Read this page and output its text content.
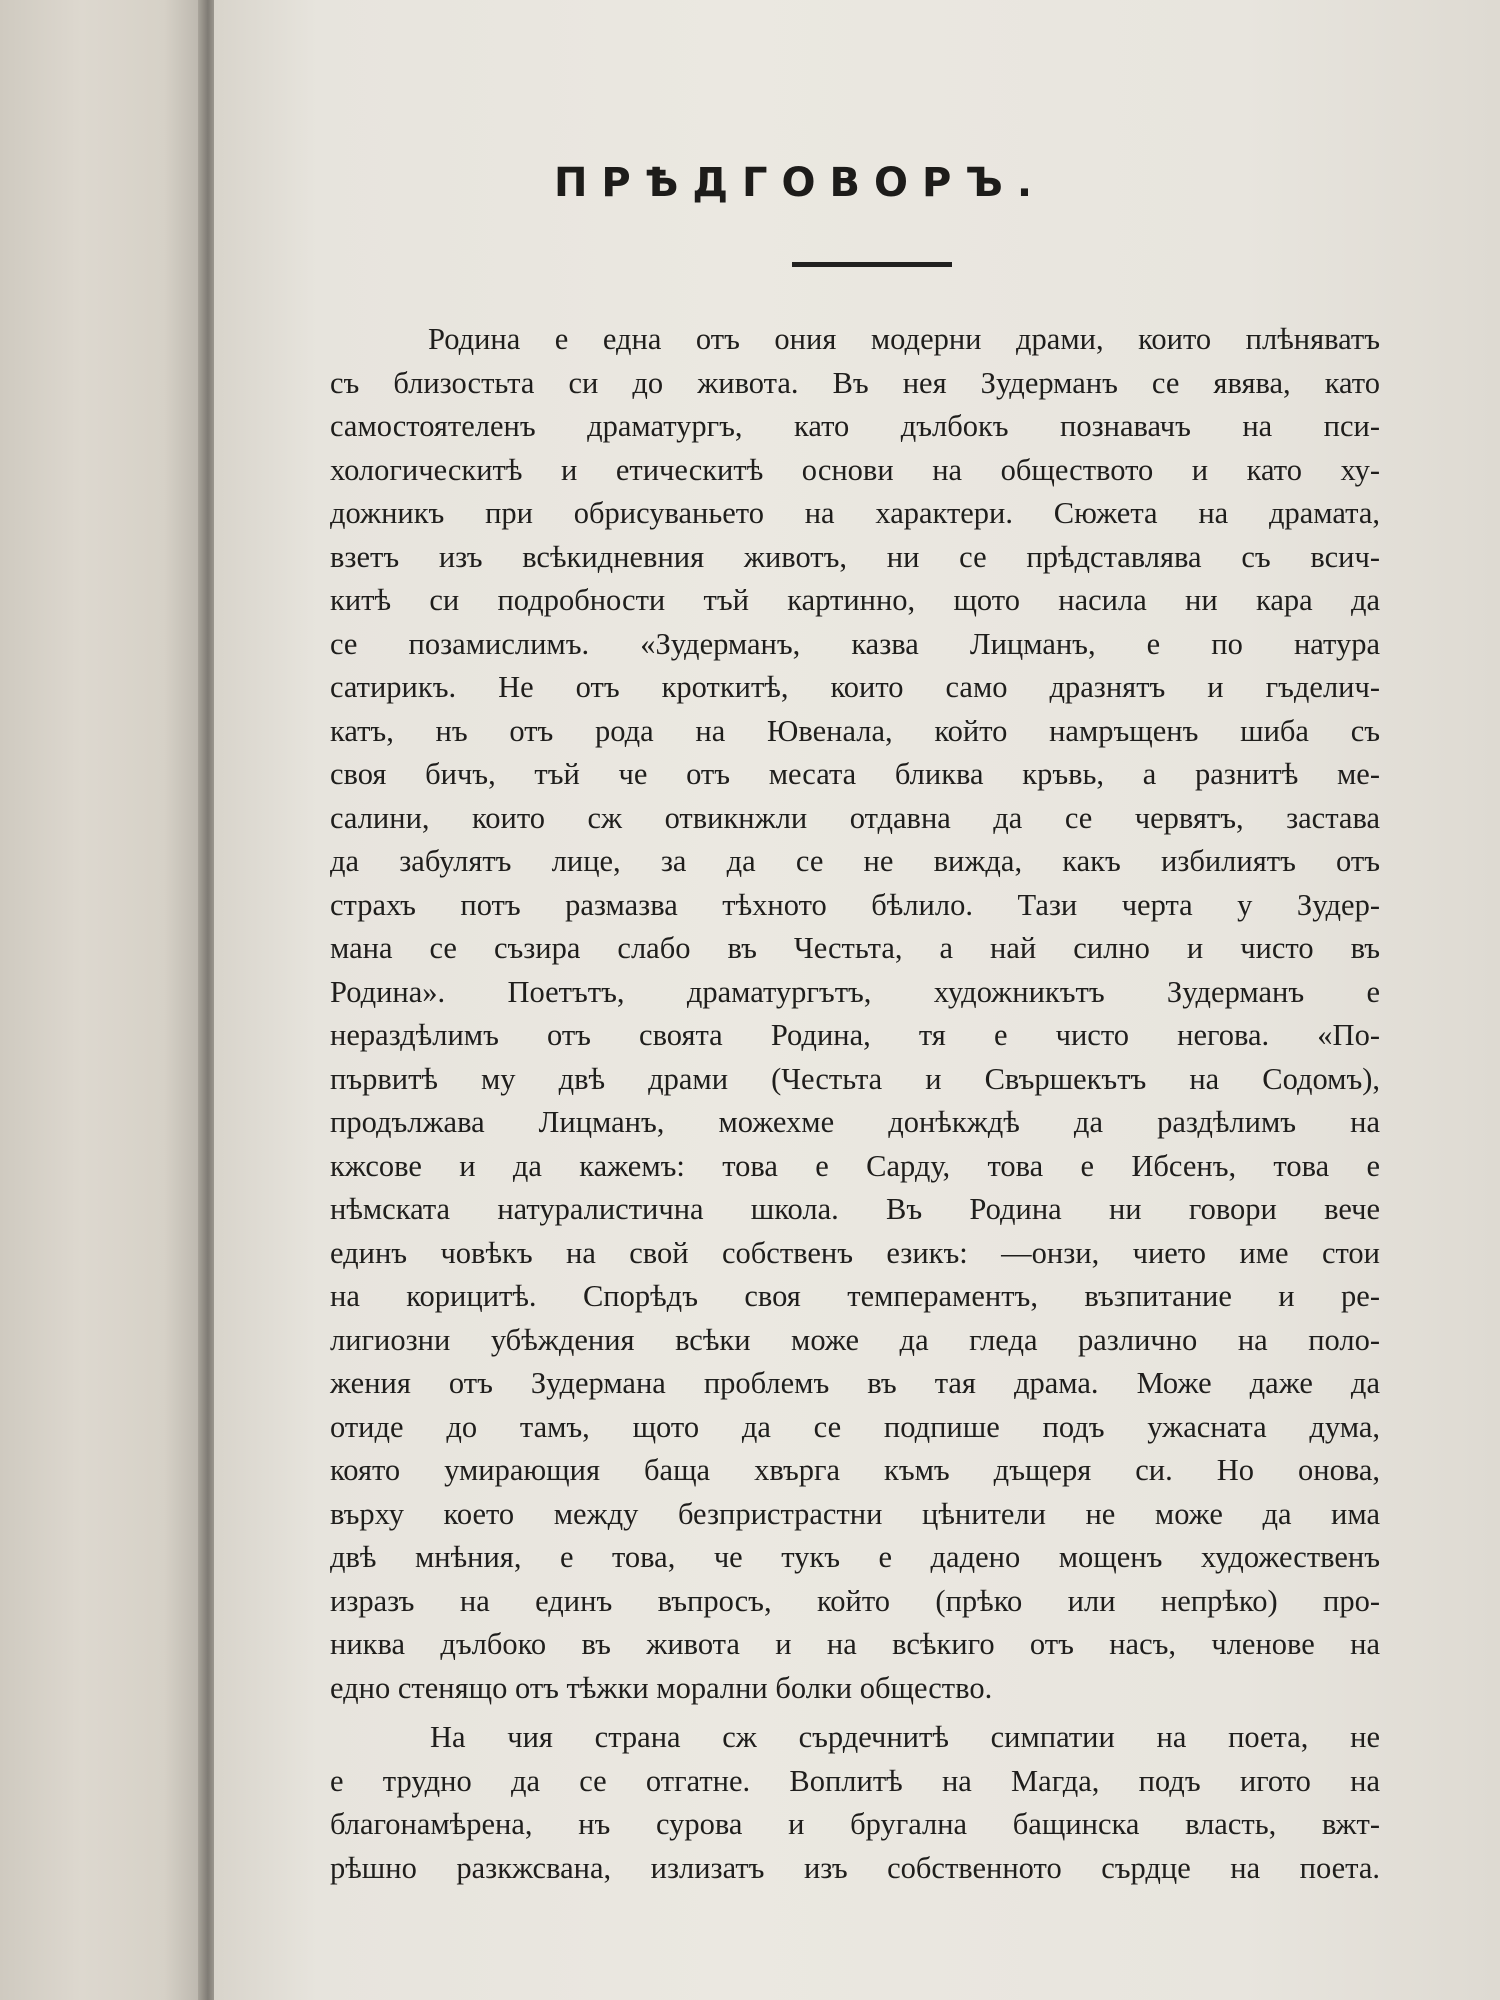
ПРѢДГОВОРЪ.
Родина е една отъ ония модерни драми, които плѣняватъ
съ близостьта си до живота. Въ нея Зудерманъ се явява, като
самостоятеленъ драматургъ, като дълбокъ познавачъ на пси-
хологическитѣ и етическитѣ основи на обществото и като ху-
дожникъ при обрисуваньето на характери. Сюжета на драмата,
взетъ изъ всѣкидневния животъ, ни се прѣдставлява съ всич-
китѣ си подробности тъй картинно, щото насила ни кара да
се позамислимъ. «Зудерманъ, казва Лицманъ, е по натура
сатирикъ. Не отъ кроткитѣ, които само дразнятъ и гъделич-
катъ, нъ отъ рода на Ювенала, който намръщенъ шиба съ
своя бичъ, тъй че отъ месата бликва кръвь, а разнитѣ ме-
салини, които сж отвикнжли отдавна да се червятъ, застава
да забулятъ лице, за да се не вижда, какъ избилиятъ отъ
страхъ потъ размазва тѣхното бѣлило. Тази черта у Зудер-
мана се съзира слабо въ Честьта, а най силно и чисто въ
Родина». Поетътъ, драматургътъ, художникътъ Зудерманъ е
нераздѣлимъ отъ своята Родина, тя е чисто негова. «По-
първитѣ му двѣ драми (Честьта и Свършекътъ на Содомъ),
продължава Лицманъ, можехме донѣкждѣ да раздѣлимъ на
кжсове и да кажемъ: това е Сарду, това е Ибсенъ, това е
нѣмската натуралистична школа. Въ Родина ни говори вече
единъ човѣкъ на свой собственъ езикъ: —онзи, чието име стои
на корицитѣ. Спорѣдъ своя темпераментъ, възпитание и ре-
лигиозни убѣждения всѣки може да гледа различно на поло-
жения отъ Зудермана проблемъ въ тая драма. Може даже да
отиде до тамъ, щото да се подпише подъ ужасната дума,
която умирающия баща хвърга къмъ дъщеря си. Но онова,
върху което между безпристрастни цѣнители не може да има
двѣ мнѣния, е това, че тукъ е дадено мощенъ художественъ
изразъ на единъ въпросъ, който (прѣко или непрѣко) про-
никва дълбоко въ живота и на всѣкиго отъ насъ, членове на
едно стенящо отъ тѣжки морални болки общество.
На чия страна сж сърдечнитѣ симпатии на поета, не
е трудно да се отгатне. Воплитѣ на Магда, подъ игото на
благонамѣрена, нъ сурова и бругална бащинска власть, вжт-
рѣшно разкжсвана, излизатъ изъ собственното сърдце на поета.
